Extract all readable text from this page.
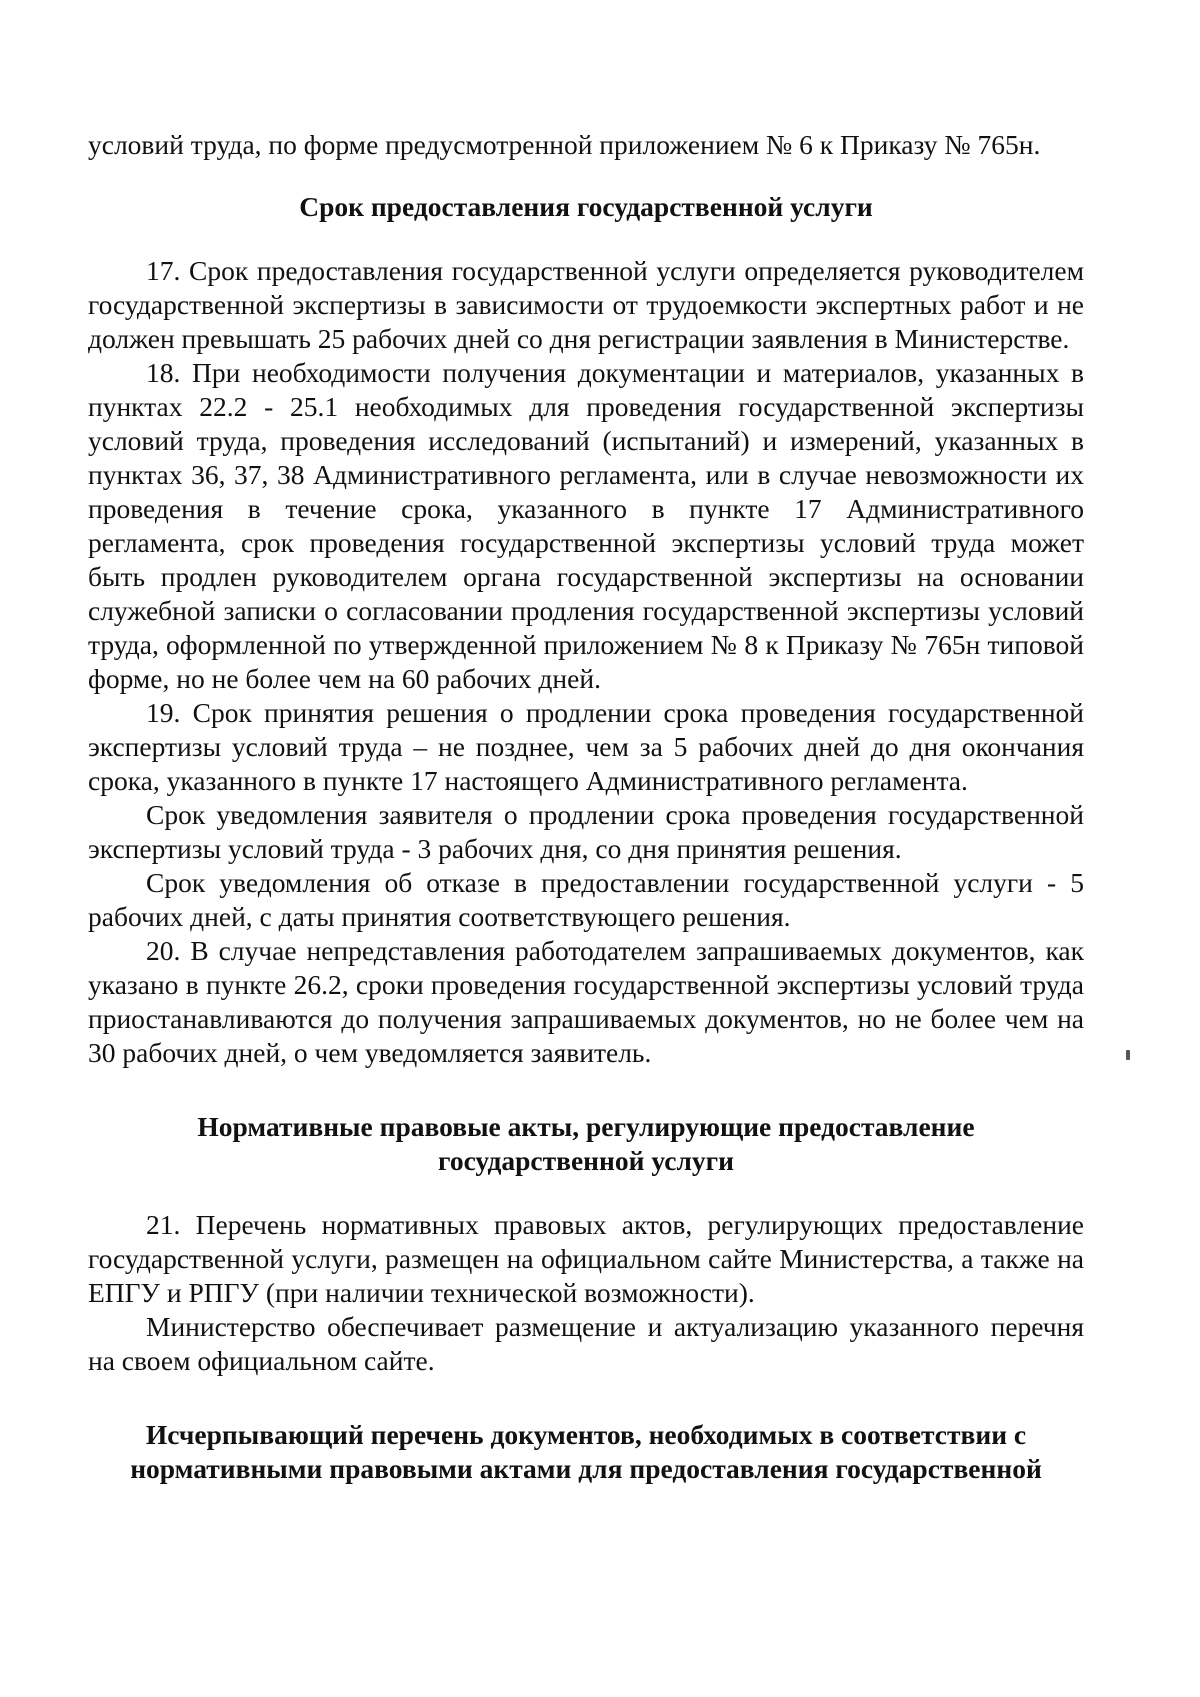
условий труда, по форме предусмотренной приложением № 6 к Приказу № 765н.

Срок предоставления государственной услуги

17. Срок предоставления государственной услуги определяется руководителем государственной экспертизы в зависимости от трудоемкости экспертных работ и не должен превышать 25 рабочих дней со дня регистрации заявления в Министерстве.

18. При необходимости получения документации и материалов, указанных в пунктах 22.2 - 25.1 необходимых для проведения государственной экспертизы условий труда, проведения исследований (испытаний) и измерений, указанных в пунктах 36, 37, 38 Административного регламента, или в случае невозможности их проведения в течение срока, указанного в пункте 17 Административного регламента, срок проведения государственной экспертизы условий труда может быть продлен руководителем органа государственной экспертизы на основании служебной записки о согласовании продления государственной экспертизы условий труда, оформленной по утвержденной приложением № 8 к Приказу № 765н типовой форме, но не более чем на 60 рабочих дней.

19. Срок принятия решения о продлении срока проведения государственной экспертизы условий труда – не позднее, чем за 5 рабочих дней до дня окончания срока, указанного в пункте 17 настоящего Административного регламента.

Срок уведомления заявителя о продлении срока проведения государственной экспертизы условий труда - 3 рабочих дня, со дня принятия решения.

Срок уведомления об отказе в предоставлении государственной услуги - 5 рабочих дней, с даты принятия соответствующего решения.

20. В случае непредставления работодателем запрашиваемых документов, как указано в пункте 26.2, сроки проведения государственной экспертизы условий труда приостанавливаются до получения запрашиваемых документов, но не более чем на 30 рабочих дней, о чем уведомляется заявитель.

Нормативные правовые акты, регулирующие предоставление

государственной услуги

21. Перечень нормативных правовых актов, регулирующих предоставление государственной услуги, размещен на официальном сайте Министерства, а также на ЕПГУ и РПГУ (при наличии технической возможности).

Министерство обеспечивает размещение и актуализацию указанного перечня на своем официальном сайте.

Исчерпывающий перечень документов, необходимых в соответствии с

нормативными правовыми актами для предоставления государственной
